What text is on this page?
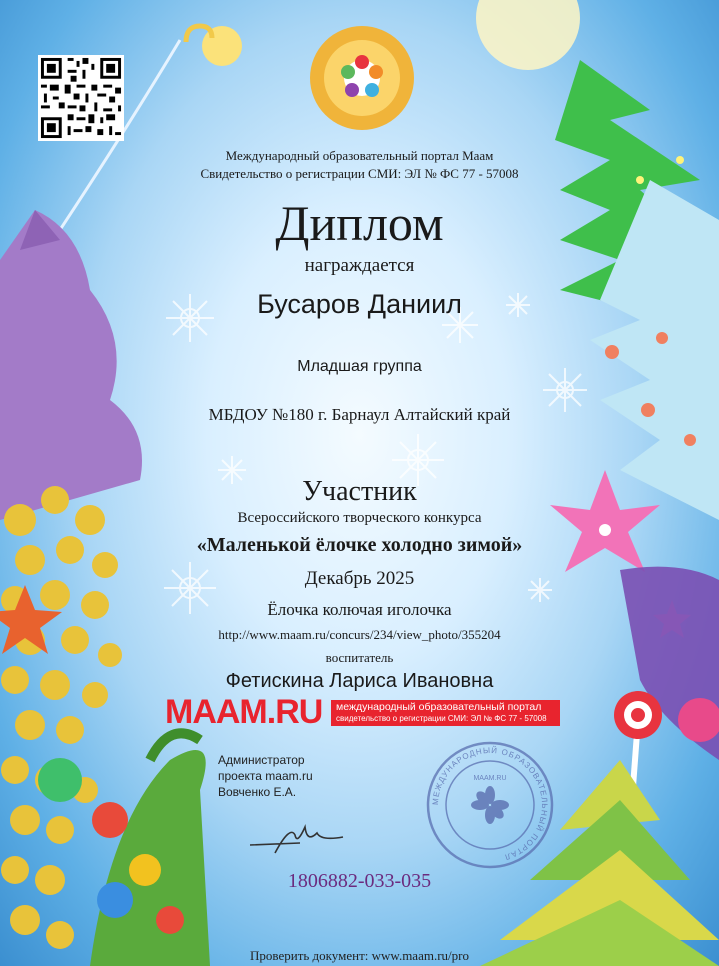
Международный образовательный портал Маам
Свидетельство о регистрации СМИ: ЭЛ № ФС 77 - 57008
Диплом
награждается
Бусаров Даниил
Младшая группа
МБДОУ №180 г. Барнаул Алтайский край
Участник
Всероссийского творческого конкурса
«Маленькой ёлочке холодно зимой»
Декабрь 2025
Ёлочка колючая иголочка
http://www.maam.ru/concurs/234/view_photo/355204
воспитатель
Фетискина Лариса Ивановна
MAAM.RU международный образовательный портал
свидетельство о регистрации СМИ: ЭЛ № ФС 77 - 57008
Администратор
проекта maam.ru
Вовченко Е.А.
МЕЖДУНАРОДНЫЙ ОБРАЗОВАТЕЛЬНЫЙ ПОРТАЛ
MAAM.RU
1806882-033-035
Проверить документ: www.maam.ru/pro
